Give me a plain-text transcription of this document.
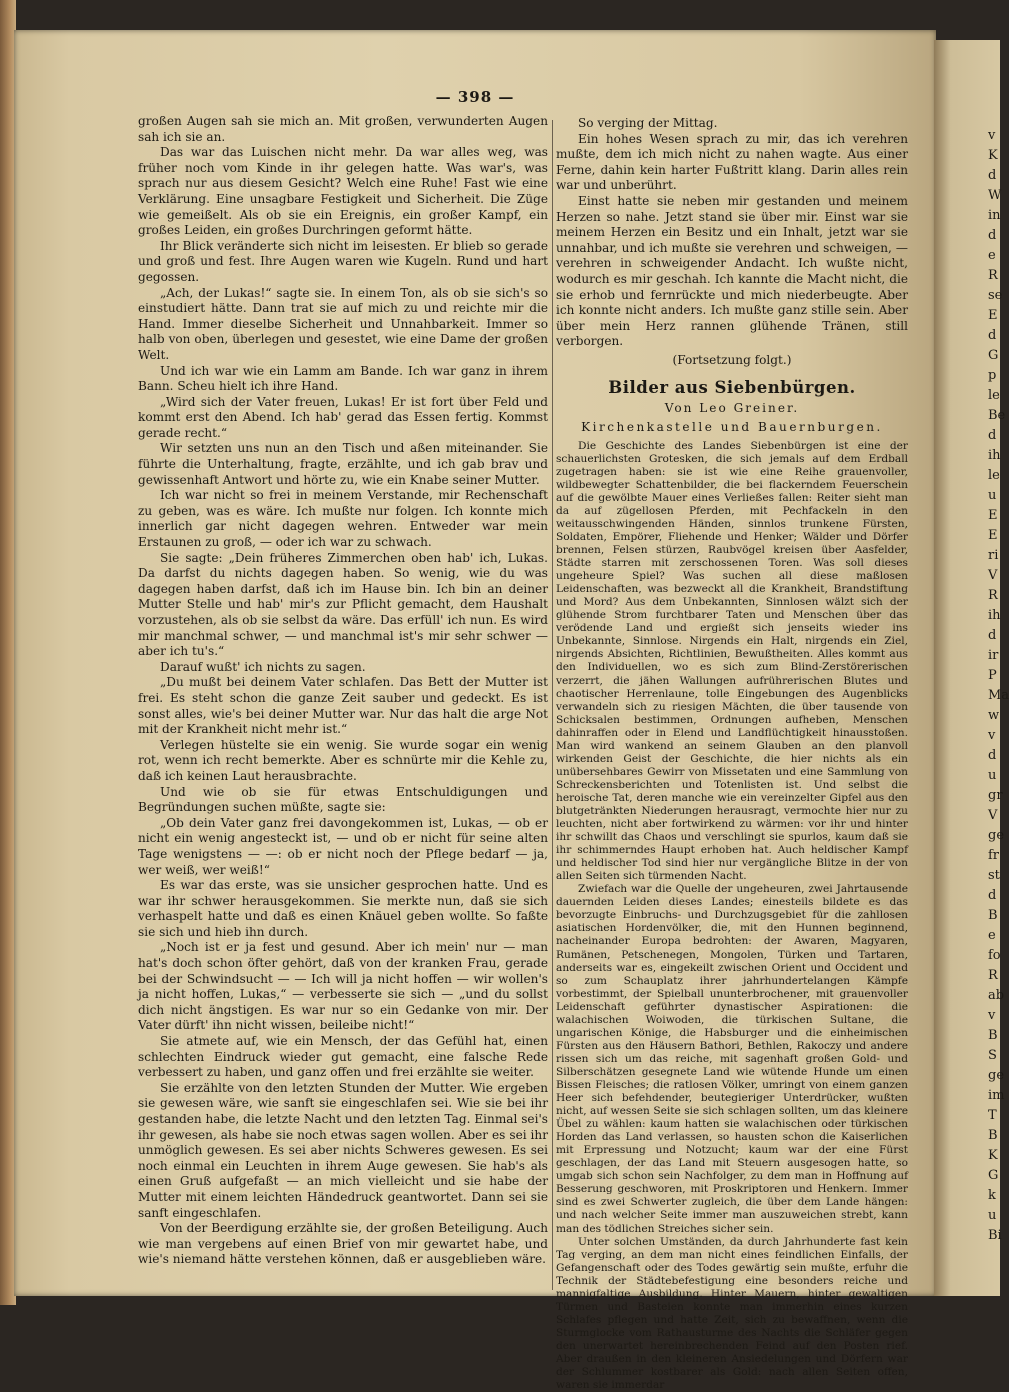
— 398 —

großen Augen sah sie mich an. Mit großen, verwunderten Augen sah ich sie an.

Das war das Luischen nicht mehr. Da war alles weg, was früher noch vom Kinde in ihr gelegen hatte. Was war's, was sprach nur aus diesem Gesicht? Welch eine Ruhe! Fast wie eine Verklärung. Eine unsagbare Festigkeit und Sicherheit. Die Züge wie gemeißelt. Als ob sie ein Ereignis, ein großer Kampf, ein großes Leiden, ein großes Durchringen geformt hätte.

Ihr Blick veränderte sich nicht im leisesten. Er blieb so gerade und groß und fest. Ihre Augen waren wie Kugeln. Rund und hart gegossen.

„Ach, der Lukas!“ sagte sie. In einem Ton, als ob sie sich's so einstudiert hätte. Dann trat sie auf mich zu und reichte mir die Hand. Immer dieselbe Sicherheit und Unnahbarkeit. Immer so halb von oben, überlegen und gesestet, wie eine Dame der großen Welt.

Und ich war wie ein Lamm am Bande. Ich war ganz in ihrem Bann. Scheu hielt ich ihre Hand.

„Wird sich der Vater freuen, Lukas! Er ist fort über Feld und kommt erst den Abend. Ich hab' gerad das Essen fertig. Kommst gerade recht.“

Wir setzten uns nun an den Tisch und aßen miteinander. Sie führte die Unterhaltung, fragte, erzählte, und ich gab brav und gewissenhaft Antwort und hörte zu, wie ein Knabe seiner Mutter.

Ich war nicht so frei in meinem Verstande, mir Rechenschaft zu geben, was es wäre. Ich mußte nur folgen. Ich konnte mich innerlich gar nicht dagegen wehren. Entweder war mein Erstaunen zu groß, — oder ich war zu schwach.

Sie sagte: „Dein früheres Zimmerchen oben hab' ich, Lukas. Da darfst du nichts dagegen haben. So wenig, wie du was dagegen haben darfst, daß ich im Hause bin. Ich bin an deiner Mutter Stelle und hab' mir's zur Pflicht gemacht, dem Haushalt vorzustehen, als ob sie selbst da wäre. Das erfüll' ich nun. Es wird mir manchmal schwer, — und manchmal ist's mir sehr schwer — aber ich tu's.“

Darauf wußt' ich nichts zu sagen.

„Du mußt bei deinem Vater schlafen. Das Bett der Mutter ist frei. Es steht schon die ganze Zeit sauber und gedeckt. Es ist sonst alles, wie's bei deiner Mutter war. Nur das halt die arge Not mit der Krankheit nicht mehr ist.“

Verlegen hüstelte sie ein wenig. Sie wurde sogar ein wenig rot, wenn ich recht bemerkte. Aber es schnürte mir die Kehle zu, daß ich keinen Laut herausbrachte.

Und wie ob sie für etwas Entschuldigungen und Begründungen suchen müßte, sagte sie:

„Ob dein Vater ganz frei davongekommen ist, Lukas, — ob er nicht ein wenig angesteckt ist, — und ob er nicht für seine alten Tage wenigstens — —: ob er nicht noch der Pflege bedarf — ja, wer weiß, wer weiß!“

Es war das erste, was sie unsicher gesprochen hatte. Und es war ihr schwer herausgekommen. Sie merkte nun, daß sie sich verhaspelt hatte und daß es einen Knäuel geben wollte. So faßte sie sich und hieb ihn durch.

„Noch ist er ja fest und gesund. Aber ich mein' nur — man hat's doch schon öfter gehört, daß von der kranken Frau, gerade bei der Schwindsucht — — Ich will ja nicht hoffen — wir wollen's ja nicht hoffen, Lukas,“ — verbesserte sie sich — „und du sollst dich nicht ängstigen. Es war nur so ein Gedanke von mir. Der Vater dürft' ihn nicht wissen, beileibe nicht!“

Sie atmete auf, wie ein Mensch, der das Gefühl hat, einen schlechten Eindruck wieder gut gemacht, eine falsche Rede verbessert zu haben, und ganz offen und frei erzählte sie weiter.

Sie erzählte von den letzten Stunden der Mutter. Wie ergeben sie gewesen wäre, wie sanft sie eingeschlafen sei. Wie sie bei ihr gestanden habe, die letzte Nacht und den letzten Tag. Einmal sei's ihr gewesen, als habe sie noch etwas sagen wollen. Aber es sei ihr unmöglich gewesen. Es sei aber nichts Schweres gewesen. Es sei noch einmal ein Leuchten in ihrem Auge gewesen. Sie hab's als einen Gruß aufgefaßt — an mich vielleicht und sie habe der Mutter mit einem leichten Händedruck geantwortet. Dann sei sie sanft eingeschlafen.

Von der Beerdigung erzählte sie, der großen Beteiligung. Auch wie man vergebens auf einen Brief von mir gewartet habe, und wie's niemand hätte verstehen können, daß er ausgeblieben wäre.

So verging der Mittag.

Ein hohes Wesen sprach zu mir, das ich verehren mußte, dem ich mich nicht zu nahen wagte. Aus einer Ferne, dahin kein harter Fußtritt klang. Darin alles rein war und unberührt.

Einst hatte sie neben mir gestanden und meinem Herzen so nahe. Jetzt stand sie über mir. Einst war sie meinem Herzen ein Besitz und ein Inhalt, jetzt war sie unnahbar, und ich mußte sie verehren und schweigen, — verehren in schweigender Andacht. Ich wußte nicht, wodurch es mir geschah. Ich kannte die Macht nicht, die sie erhob und fernrückte und mich niederbeugte. Aber ich konnte nicht anders. Ich mußte ganz stille sein. Aber über mein Herz rannen glühende Tränen, still verborgen.

(Fortsetzung folgt.)

Bilder aus Siebenbürgen.

Von Leo Greiner.

Kirchenkastelle und Bauernburgen.

Die Geschichte des Landes Siebenbürgen ist eine der schauerlichsten Grotesken, die sich jemals auf dem Erdball zugetragen haben: sie ist wie eine Reihe grauenvoller, wildbewegter Schattenbilder, die bei flackerndem Feuerschein auf die gewölbte Mauer eines Verließes fallen: Reiter sieht man da auf zügellosen Pferden, mit Pechfackeln in den weitausschwingenden Händen, sinnlos trunkene Fürsten, Soldaten, Empörer, Fliehende und Henker; Wälder und Dörfer brennen, Felsen stürzen, Raubvögel kreisen über Aasfelder, Städte starren mit zerschossenen Toren. Was soll dieses ungeheure Spiel? Was suchen all diese maßlosen Leidenschaften, was bezweckt all die Krankheit, Brandstiftung und Mord? Aus dem Unbekannten, Sinnlosen wälzt sich der glühende Strom furchtbarer Taten und Menschen über das verödende Land und ergießt sich jenseits wieder ins Unbekannte, Sinnlose. Nirgends ein Halt, nirgends ein Ziel, nirgends Absichten, Richtlinien, Bewußtheiten. Alles kommt aus den Individuellen, wo es sich zum Blind-Zerstörerischen verzerrt, die jähen Wallungen aufrührerischen Blutes und chaotischer Herrenlaune, tolle Eingebungen des Augenblicks verwandeln sich zu riesigen Mächten, die über tausende von Schicksalen bestimmen, Ordnungen aufheben, Menschen dahinraffen oder in Elend und Landflüchtigkeit hinausstoßen. Man wird wankend an seinem Glauben an den planvoll wirkenden Geist der Geschichte, die hier nichts als ein unübersehbares Gewirr von Missetaten und eine Sammlung von Schreckensberichten und Totenlisten ist. Und selbst die heroische Tat, deren manche wie ein vereinzelter Gipfel aus den blutgetränkten Niederungen herausragt, vermochte hier nur zu leuchten, nicht aber fortwirkend zu wärmen: vor ihr und hinter ihr schwillt das Chaos und verschlingt sie spurlos, kaum daß sie ihr schimmerndes Haupt erhoben hat. Auch heldischer Kampf und heldischer Tod sind hier nur vergängliche Blitze in der von allen Seiten sich türmenden Nacht.

Zwiefach war die Quelle der ungeheuren, zwei Jahrtausende dauernden Leiden dieses Landes; einesteils bildete es das bevorzugte Einbruchs- und Durchzugsgebiet für die zahllosen asiatischen Hordenvölker, die, mit den Hunnen beginnend, nacheinander Europa bedrohten: der Awaren, Magyaren, Rumänen, Petschenegen, Mongolen, Türken und Tartaren, anderseits war es, eingekeilt zwischen Orient und Occident und so zum Schauplatz ihrer jahrhundertelangen Kämpfe vorbestimmt, der Spielball ununterbrochener, mit grauenvoller Leidenschaft geführter dynastischer Aspirationen: die walachischen Woiwoden, die türkischen Sultane, die ungarischen Könige, die Habsburger und die einheimischen Fürsten aus den Häusern Bathori, Bethlen, Rakoczy und andere rissen sich um das reiche, mit sagenhaft großen Gold- und Silberschätzen gesegnete Land wie wütende Hunde um einen Bissen Fleisches; die ratlosen Völker, umringt von einem ganzen Heer sich befehdender, beutegieriger Unterdrücker, wußten nicht, auf wessen Seite sie sich schlagen sollten, um das kleinere Übel zu wählen: kaum hatten sie walachischen oder türkischen Horden das Land verlassen, so hausten schon die Kaiserlichen mit Erpressung und Notzucht; kaum war der eine Fürst geschlagen, der das Land mit Steuern ausgesogen hatte, so umgab sich schon sein Nachfolger, zu dem man in Hoffnung auf Besserung geschworen, mit Proskriptoren und Henkern. Immer sind es zwei Schwerter zugleich, die über dem Lande hängen: und nach welcher Seite immer man auszuweichen strebt, kann man des tödlichen Streiches sicher sein.

Unter solchen Umständen, da durch Jahrhunderte fast kein Tag verging, an dem man nicht eines feindlichen Einfalls, der Gefangenschaft oder des Todes gewärtig sein mußte, erfuhr die Technik der Städtebefestigung eine besonders reiche und mannigfaltige Ausbildung. Hinter Mauern, hinter gewaltigen Türmen und Basteien konnte man immerhin eines kurzen Schlafes pflegen und hatte Zeit, sich zu bewaffnen, wenn die Sturmglocke vom Rathausturme des Nachts die Schläfer gegen den unerwartet hereinbrechenden Feind auf den Posten rief. Aber draußen in den kleineren Ansiedelungen und Dörfern war der Schlummer kostbarer als Gold: nach allen Seiten offen, waren sie immerdar

v
K
d
W
in
d
e
R
se
E
d
G
p
le
Be
d
ih
le
u
E
E
ri
V
R
ih
d
ir
P
Ma
w
v
d
u
gr
V
ge
fr
st
d
B
e
fo
R
ab
v
B
S
ge
im
T
B
K
G
k
u
Bi
